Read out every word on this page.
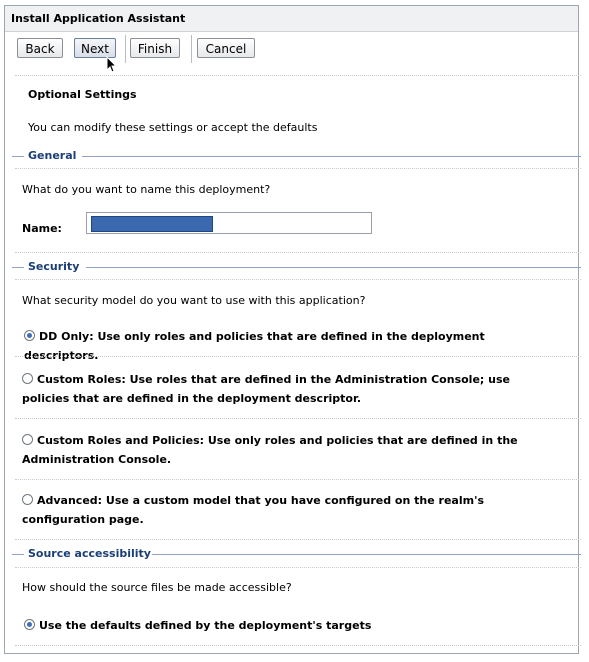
Install Application Assistant
Back	Next	Finish	Cancel
Optional Settings
You can modify these settings or accept the defaults
General
What do you want to name this deployment?
Name:
Security
What security model do you want to use with this application?
DD Only: Use only roles and policies that are defined in the deployment descriptors.
Custom Roles: Use roles that are defined in the Administration Console; use policies that are defined in the deployment descriptor.
Custom Roles and Policies: Use only roles and policies that are defined in the Administration Console.
Advanced: Use a custom model that you have configured on the realm's configuration page.
Source accessibility
How should the source files be made accessible?
Use the defaults defined by the deployment's targets
